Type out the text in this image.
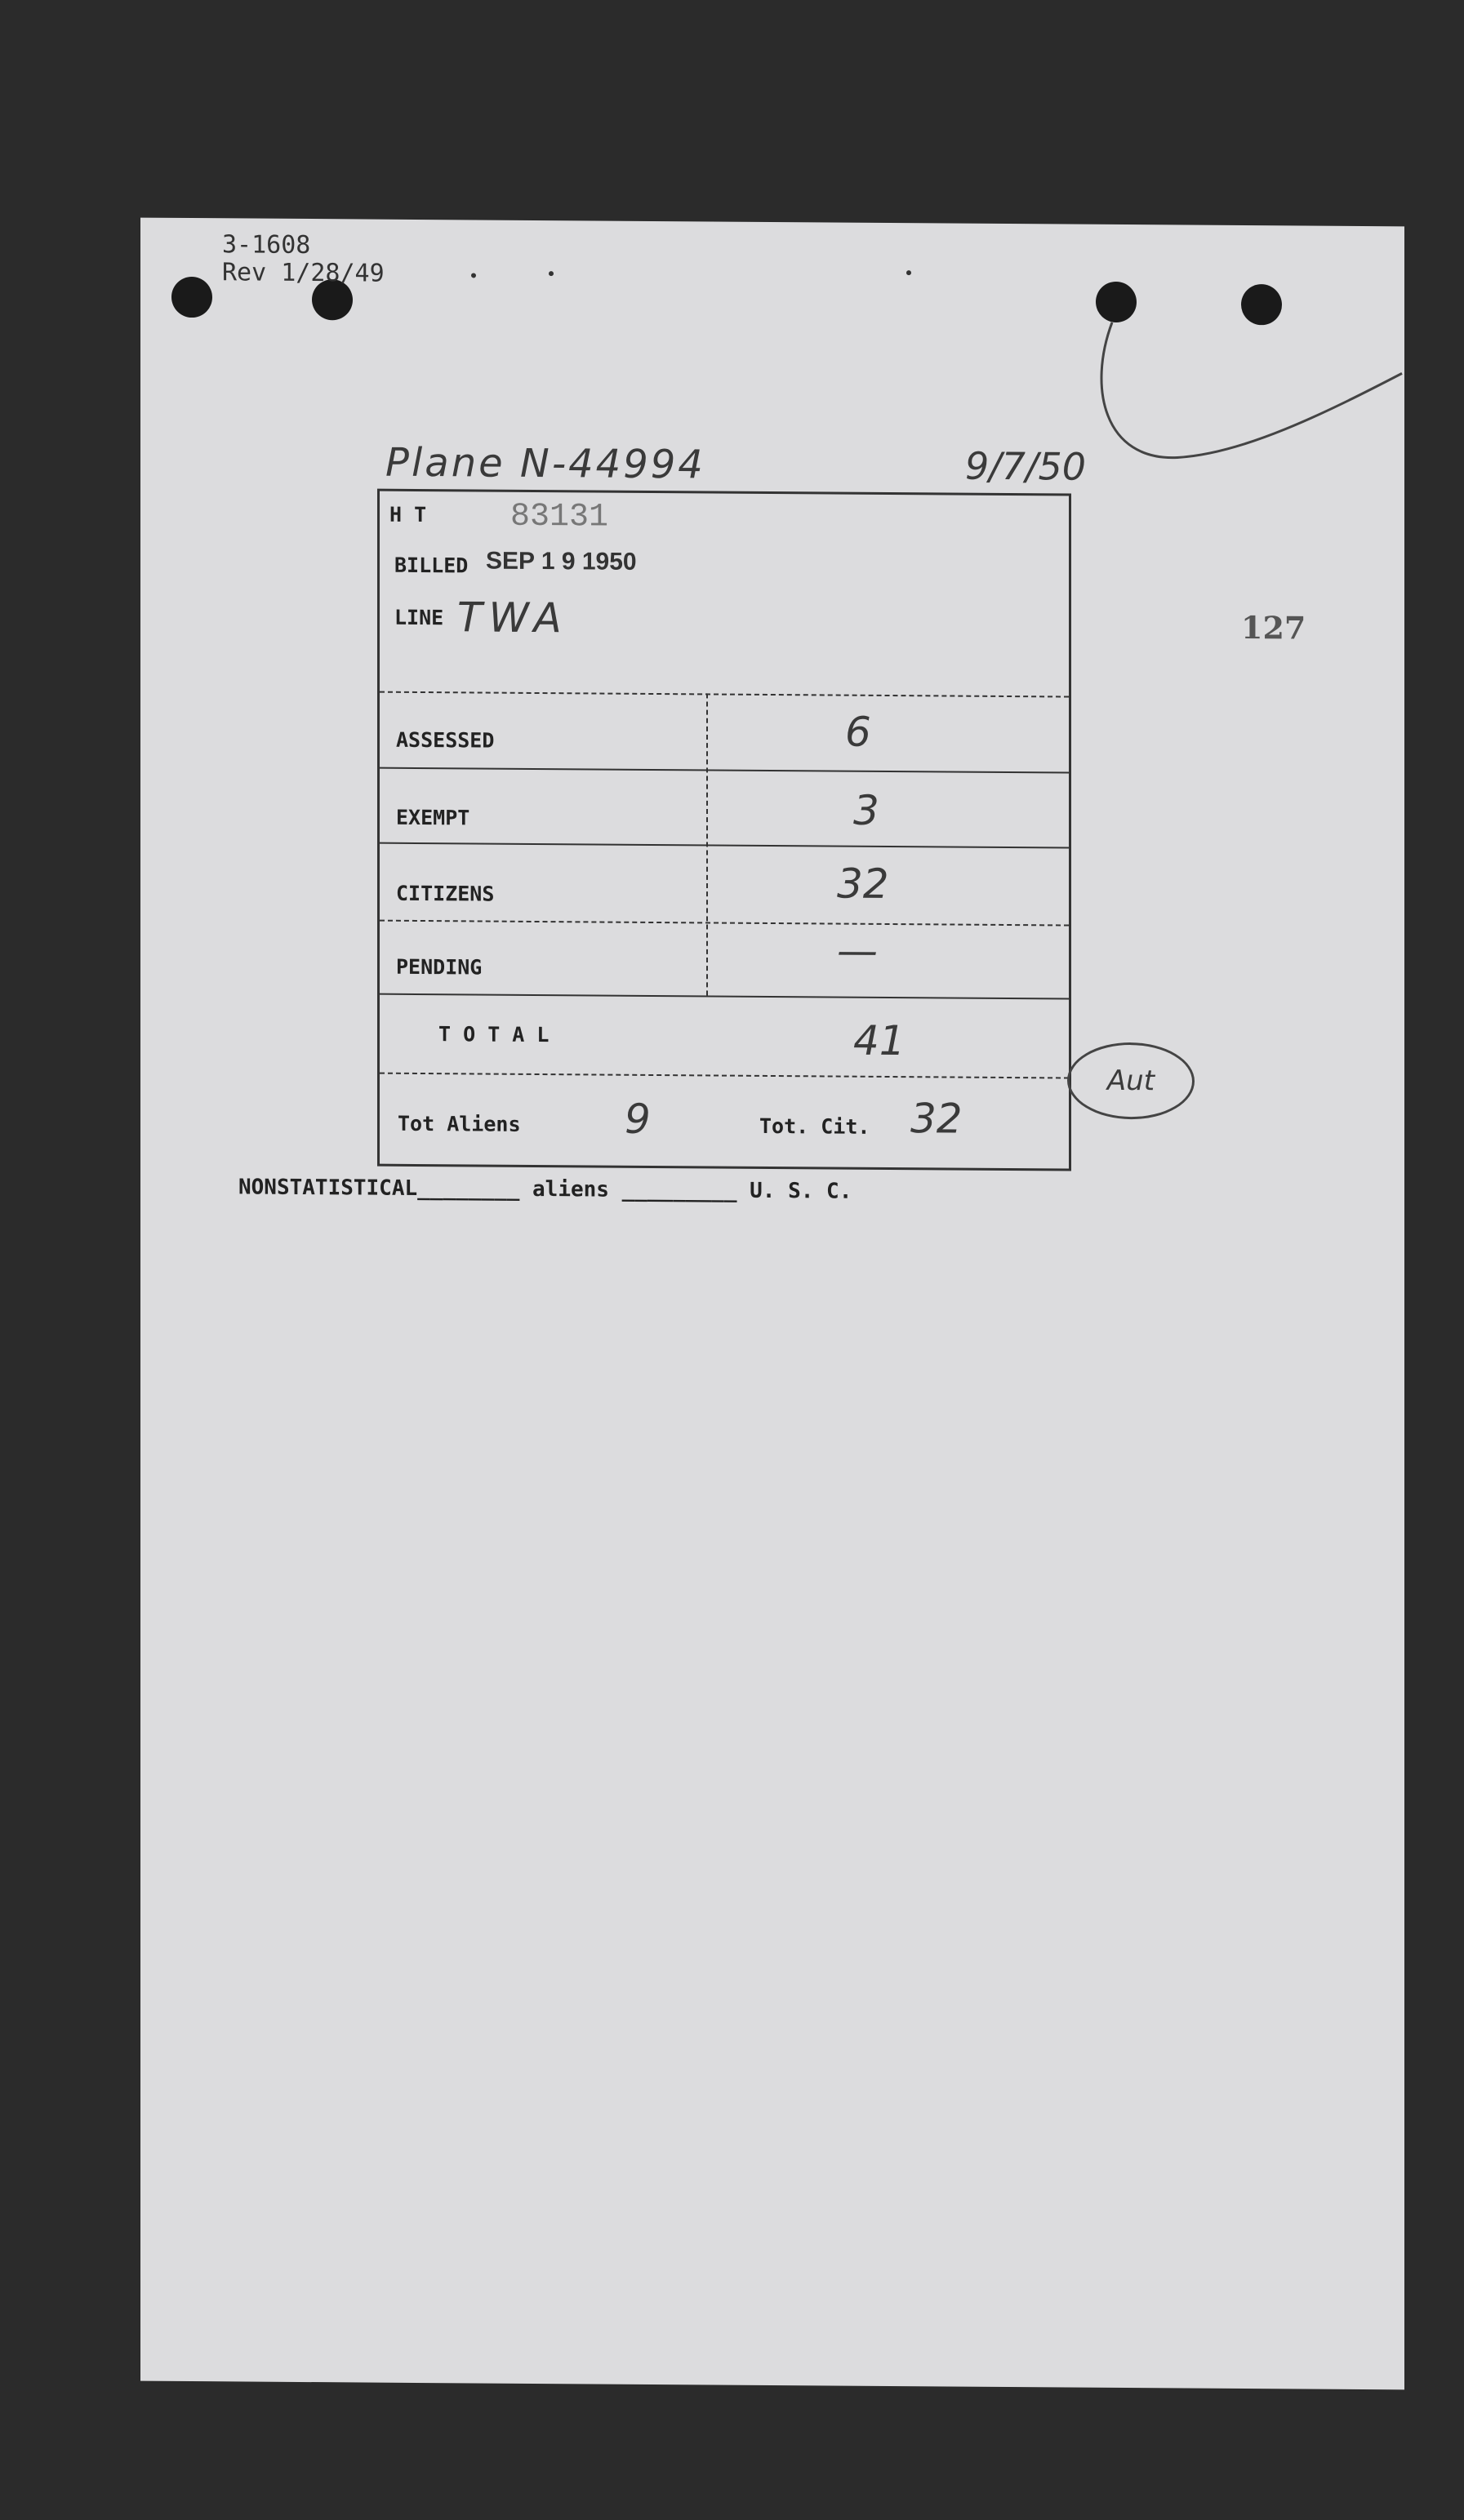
3-1608
Rev 1/28/49
127
Plane N-44994	9/7/50
H T	83131
BILLED SEP 1 9 1950
LINE TWA
ASSESSED	6
EXEMPT	3
CITIZENS	32
PENDING	—
T O T A L	41
Tot Aliens	9	Tot. Cit. 32
Aut
NONSTATISTICAL________ aliens _________ U. S. C.
